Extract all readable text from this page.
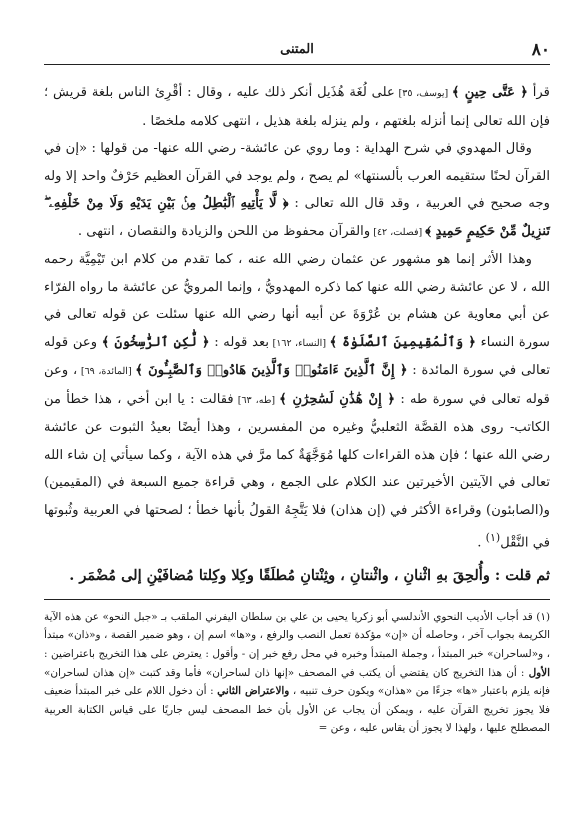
٨٠
المتنى

قرأ ﴿ عَتَّى حِينٍ ﴾ [يوسف، ٣٥] على لُغَة هُذَيل أنكر ذلك عليه ، وقال : أقْرِئ الناس بلغة قريش ؛ فإن الله تعالى إنما أنزله بلغتهم ، ولم ينزله بلغة هذيل ، انتهى كلامه ملخصًا .

وقال المهدوي في شرح الهداية : وما روي عن عائشة- رضي الله عنها- من قولها : «إن في القرآن لحنًا ستقيمه العرب بألسنتها» لم يصح ، ولم يوجد في القرآن العظيم حَرْفٌ واحد إلا وله وجه صحيح في العربية ، وقد قال الله تعالى : ﴿ لَّا يَأْتِيهِ ٱلْبَٰطِلُ مِنۢ بَيْنِ يَدَيْهِ وَلَا مِنْ خَلْفِهِۦ ۖ تَنزِيلٌ مِّنْ حَكِيمٍ حَمِيدٍ ﴾ [فصلت، ٤٢] والقرآن محفوظ من اللحن والزيادة والنقصان ، انتهى .

وهذا الأثر إنما هو مشهور عن عثمان رضي الله عنه ، كما تقدم من كلام ابن تَيْمِيَّة رحمه الله ، لا عن عائشة رضي الله عنها كما ذكره المهدويُّ ، وإنما المرويُّ عن عائشة ما رواه الفرّاء عن أبي معاوية عن هشام بن عُرْوَةَ عن أبيه أنها رضي الله عنها سئلت عن قوله تعالى في سورة النساء ﴿ وَٱلْمُقِيمِينَ ٱلصَّلَوٰةَ ﴾ [النساء، ١٦٢] بعد قوله : ﴿ لَّٰكِنِ ٱلرَّٰسِخُونَ ﴾ وعن قوله تعالى في سورة المائدة : ﴿ إِنَّ ٱلَّذِينَ ءَامَنُوا۟ وَٱلَّذِينَ هَادُوا۟ وَٱلصَّٰبِـُٔونَ ﴾ [المائدة، ٦٩] ، وعن قوله تعالى في سورة طه : ﴿ إِنْ هَٰذَٰنِ لَسَٰحِرَٰنِ ﴾ [طه، ٦٣] فقالت : يا ابن أخي ، هذا خطأ من الكاتب- روى هذه القصَّة الثعلبيُّ وغيره من المفسرين ، وهذا أيضًا بعيدُ الثبوت عن عائشة رضي الله عنها ؛ فإن هذه القراءات كلها مُوَجَّهَةٌ كما مرَّ في هذه الآية ، وكما سيأتي إن شاء الله تعالى في الآيتين الأخيرتين عند الكلام على الجمع ، وهي قراءة جميع السبعة في (المقيمين) و(الصابئون) وقراءة الأكثر في (إن هذان) فلا يَتَّجِهُ القولُ بأنها خطأ ؛ لصحتها في العربية وثُبوتها في النَّقْل$^{(١)}$ .

ثم قلت : وأُلحِقَ بهِ اثْنانِ ، واثْنتانِ ، وثِنْتانِ مُطلَقًا وكِلا وكِلتا مُضافَيْنِ إلى مُضْمَر .
(١) قد أجاب الأديب النحوي الأندلسي أبو زكريا يحيى بن علي بن سلطان اليفرني الملقب بـ «جبل النحو» عن هذه الآية الكريمة بجواب آخر ، وحاصله أن «إن» مؤكدة تعمل النصب والرفع ، و«ها» اسم إن ، وهو ضمير القصة ، و«ذان» مبتدأ ، و«لساحران» خبر المبتدأ ، وجملة المبتدأ وخبره في محل رفع خبر إن - وأقول : يعترض على هذا التخريج باعتراضين : الأول : أن هذا التخريج كان يقتضي أن يكتب في المصحف «إنها ذان لساحران» فأما وقد كتبت «إن هذان لساحران» فإنه يلزم باعتبار «ها» جزءًا من «هذان» ويكون حرف تنبيه ، والاعتراض الثاني : أن دخول اللام على خبر المبتدأ ضعيف فلا يجوز تخريج القرآن عليه ، ويمكن أن يجاب عن الأول بأن خط المصحف ليس جاريًا على قياس الكتابة العربية المصطلح عليها ، ولهذا لا يجوز أن يقاس عليه ، وعن =
